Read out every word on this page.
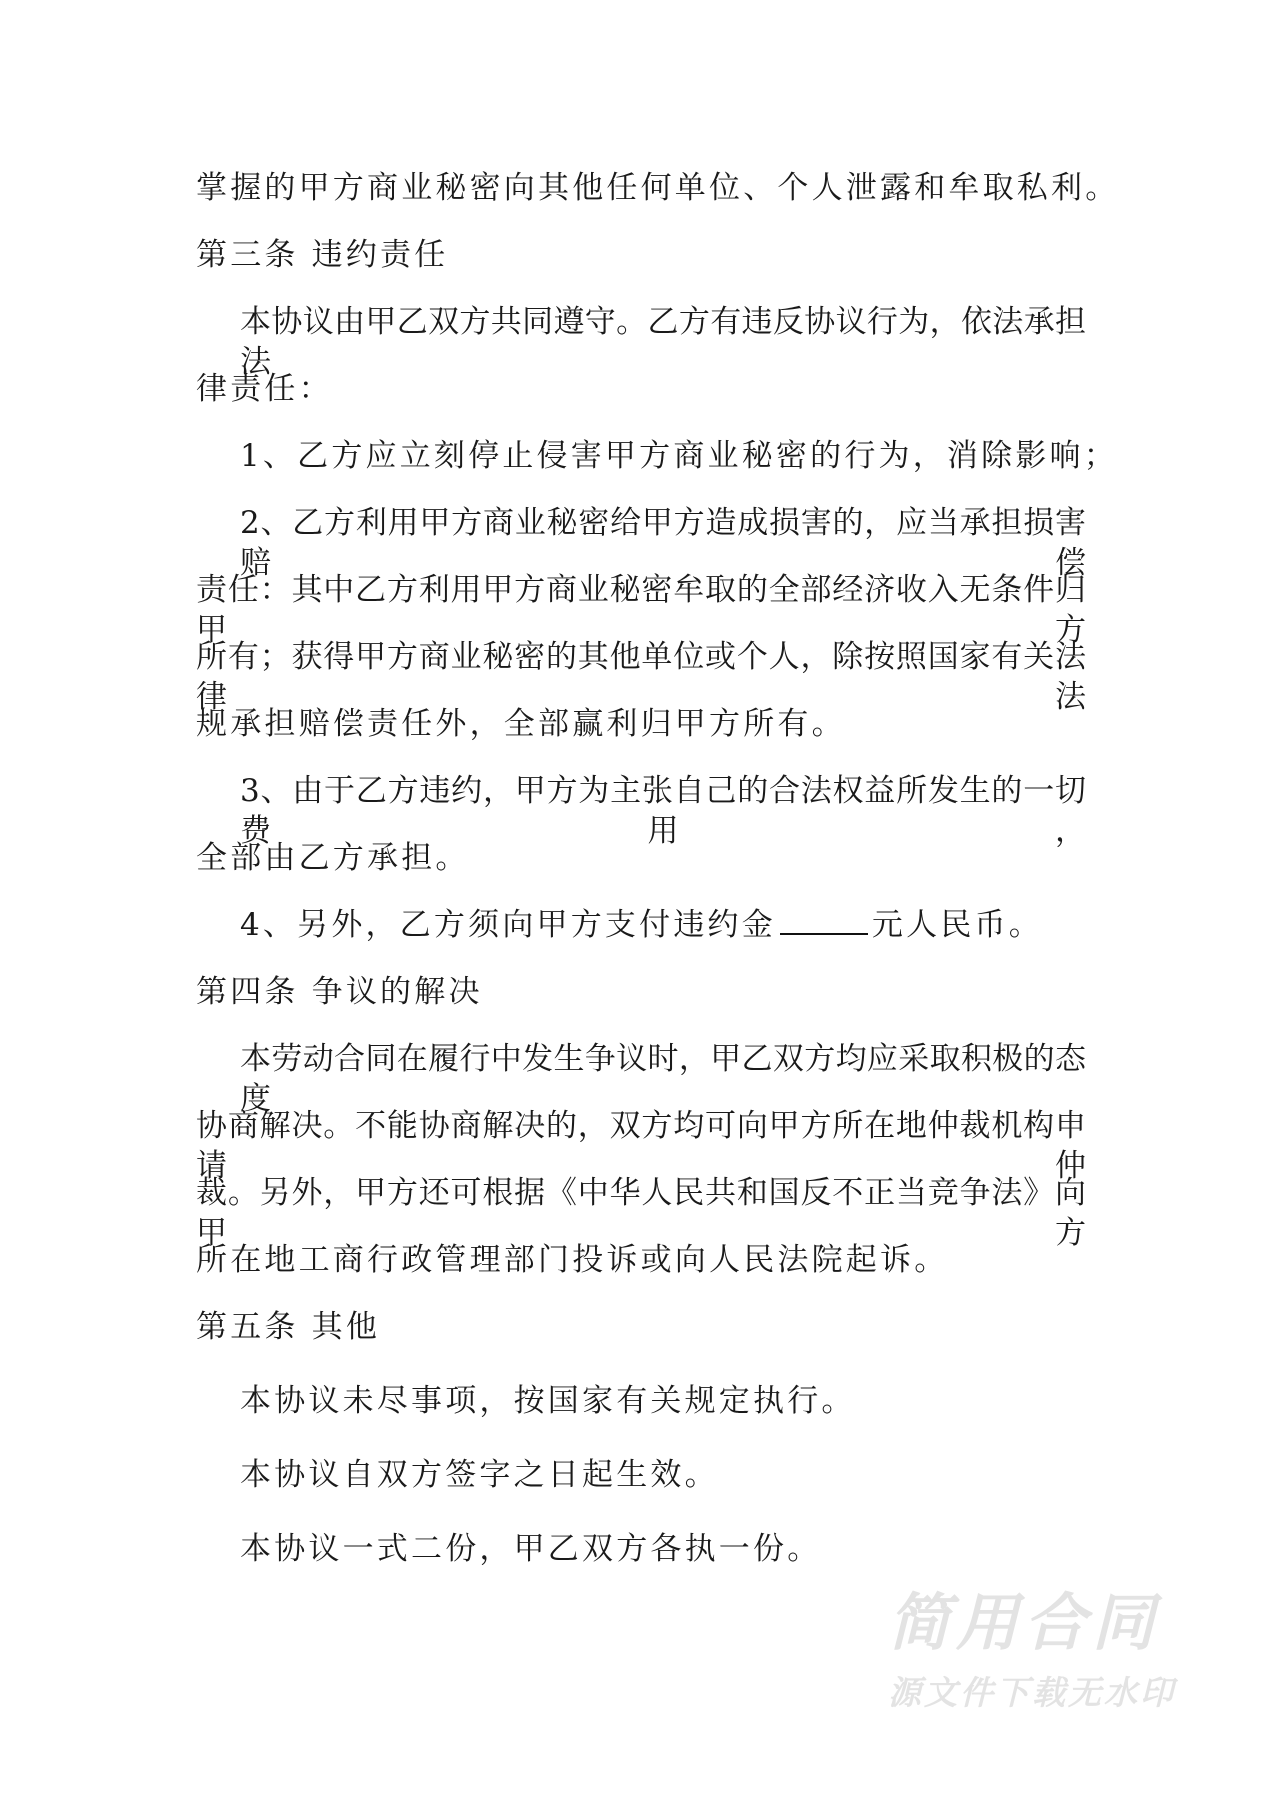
掌握的甲方商业秘密向其他任何单位、个人泄露和牟取私利。
第三条 违约责任
本协议由甲乙双方共同遵守。乙方有违反协议行为，依法承担法
律责任：
1、乙方应立刻停止侵害甲方商业秘密的行为，消除影响；
2、乙方利用甲方商业秘密给甲方造成损害的，应当承担损害赔偿
责任：其中乙方利用甲方商业秘密牟取的全部经济收入无条件归甲方
所有；获得甲方商业秘密的其他单位或个人，除按照国家有关法律法
规承担赔偿责任外，全部赢利归甲方所有。
3、由于乙方违约，甲方为主张自己的合法权益所发生的一切费用，
全部由乙方承担。
4、另外，乙方须向甲方支付违约金	元人民币。
第四条 争议的解决
本劳动合同在履行中发生争议时，甲乙双方均应采取积极的态度
协商解决。不能协商解决的，双方均可向甲方所在地仲裁机构申请仲
裁。另外，甲方还可根据《中华人民共和国反不正当竞争法》向甲方
所在地工商行政管理部门投诉或向人民法院起诉。
第五条 其他
本协议未尽事项，按国家有关规定执行。
本协议自双方签字之日起生效。
本协议一式二份，甲乙双方各执一份。
简用合同
源文件下载无水印
